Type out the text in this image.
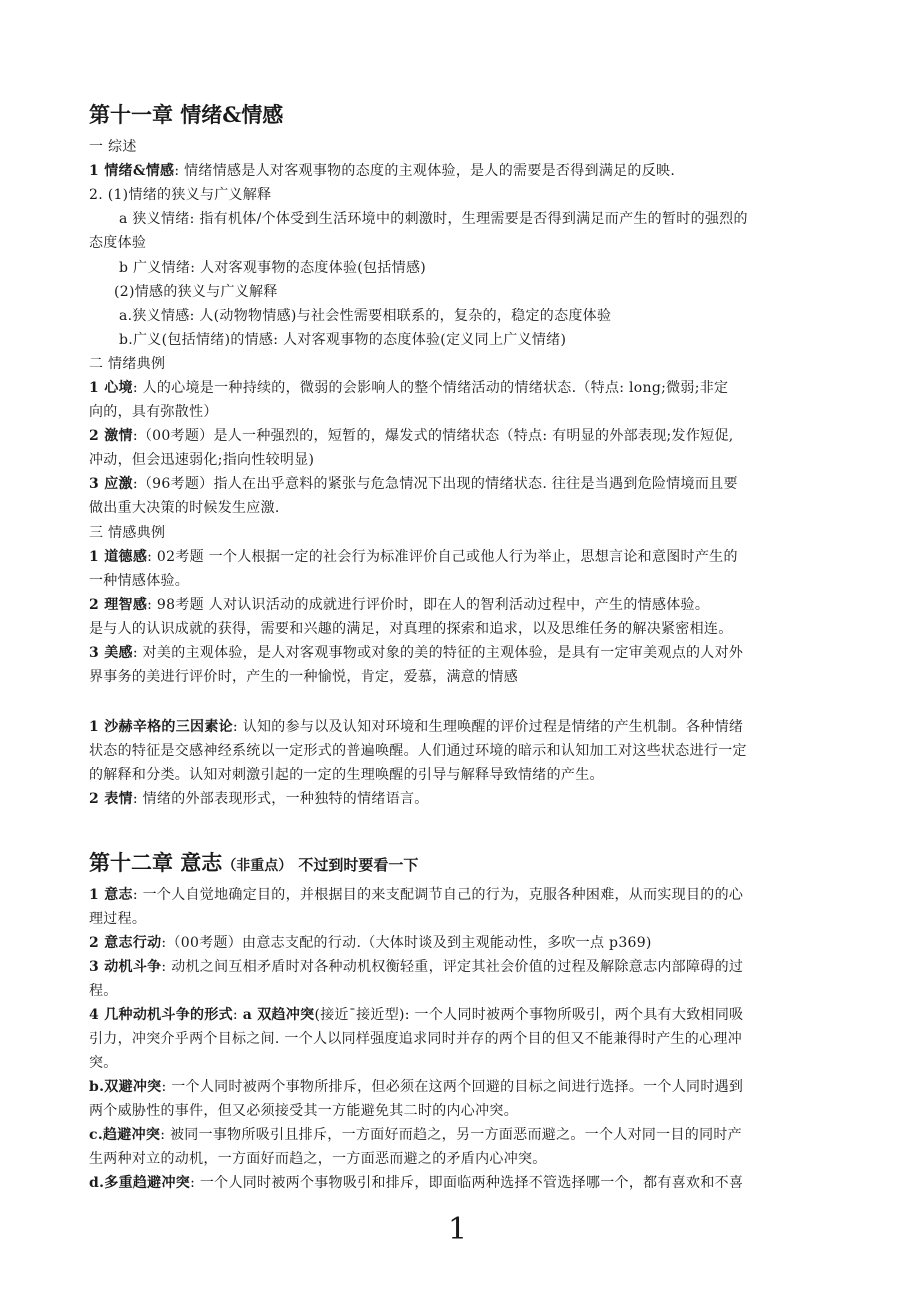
第十一章 情绪&情感
一 综述
1 情绪&情感: 情绪情感是人对客观事物的态度的主观体验，是人的需要是否得到满足的反映.
2. (1)情绪的狭义与广义解释
a 狭义情绪: 指有机体/个体受到生活环境中的刺激时，生理需要是否得到满足而产生的暂时的强烈的
态度体验
b 广义情绪: 人对客观事物的态度体验(包括情感)
(2)情感的狭义与广义解释
a.狭义情感: 人(动物物情感)与社会性需要相联系的，复杂的，稳定的态度体验
b.广义(包括情绪)的情感: 人对客观事物的态度体验(定义同上广义情绪)
二 情绪典例
1 心境: 人的心境是一种持续的，微弱的会影响人的整个情绪活动的情绪状态.（特点: long;微弱;非定
向的，具有弥散性）
2 激情:（00考题）是人一种强烈的，短暂的，爆发式的情绪状态（特点: 有明显的外部表现;发作短促,
冲动，但会迅速弱化;指向性较明显)
3 应激:（96考题）指人在出乎意料的紧张与危急情况下出现的情绪状态. 往往是当遇到危险情境而且要
做出重大决策的时候发生应激.
三 情感典例
1 道德感: 02考题 一个人根据一定的社会行为标准评价自己或他人行为举止，思想言论和意图时产生的
一种情感体验。
2 理智感: 98考题 人对认识活动的成就进行评价时，即在人的智利活动过程中，产生的情感体验。
是与人的认识成就的获得，需要和兴趣的满足，对真理的探索和追求，以及思维任务的解决紧密相连。
3 美感: 对美的主观体验，是人对客观事物或对象的美的特征的主观体验，是具有一定审美观点的人对外
界事务的美进行评价时，产生的一种愉悦，肯定，爱慕，满意的情感
1 沙赫辛格的三因素论: 认知的参与以及认知对环境和生理唤醒的评价过程是情绪的产生机制。各种情绪
状态的特征是交感神经系统以一定形式的普遍唤醒。人们通过环境的暗示和认知加工对这些状态进行一定
的解释和分类。认知对刺激引起的一定的生理唤醒的引导与解释导致情绪的产生。
2 表情: 情绪的外部表现形式，一种独特的情绪语言。
第十二章 意志（非重点） 不过到时要看一下
1 意志: 一个人自觉地确定目的，并根据目的来支配调节自己的行为，克服各种困难，从而实现目的的心
理过程。
2 意志行动:（00考题）由意志支配的行动.（大体时谈及到主观能动性，多吹一点 p369)
3 动机斗争: 动机之间互相矛盾时对各种动机权衡轻重，评定其社会价值的过程及解除意志内部障碍的过
程。
4 几种动机斗争的形式: a 双趋冲突(接近¯接近型): 一个人同时被两个事物所吸引，两个具有大致相同吸
引力，冲突介乎两个目标之间. 一个人以同样强度追求同时并存的两个目的但又不能兼得时产生的心理冲
突。
b.双避冲突: 一个人同时被两个事物所排斥，但必须在这两个回避的目标之间进行选择。一个人同时遇到
两个威胁性的事件，但又必须接受其一方能避免其二时的内心冲突。
c.趋避冲突: 被同一事物所吸引且排斥，一方面好而趋之，另一方面恶而避之。一个人对同一目的同时产
生两种对立的动机，一方面好而趋之，一方面恶而避之的矛盾内心冲突。
d.多重趋避冲突: 一个人同时被两个事物吸引和排斥，即面临两种选择不管选择哪一个，都有喜欢和不喜
1
